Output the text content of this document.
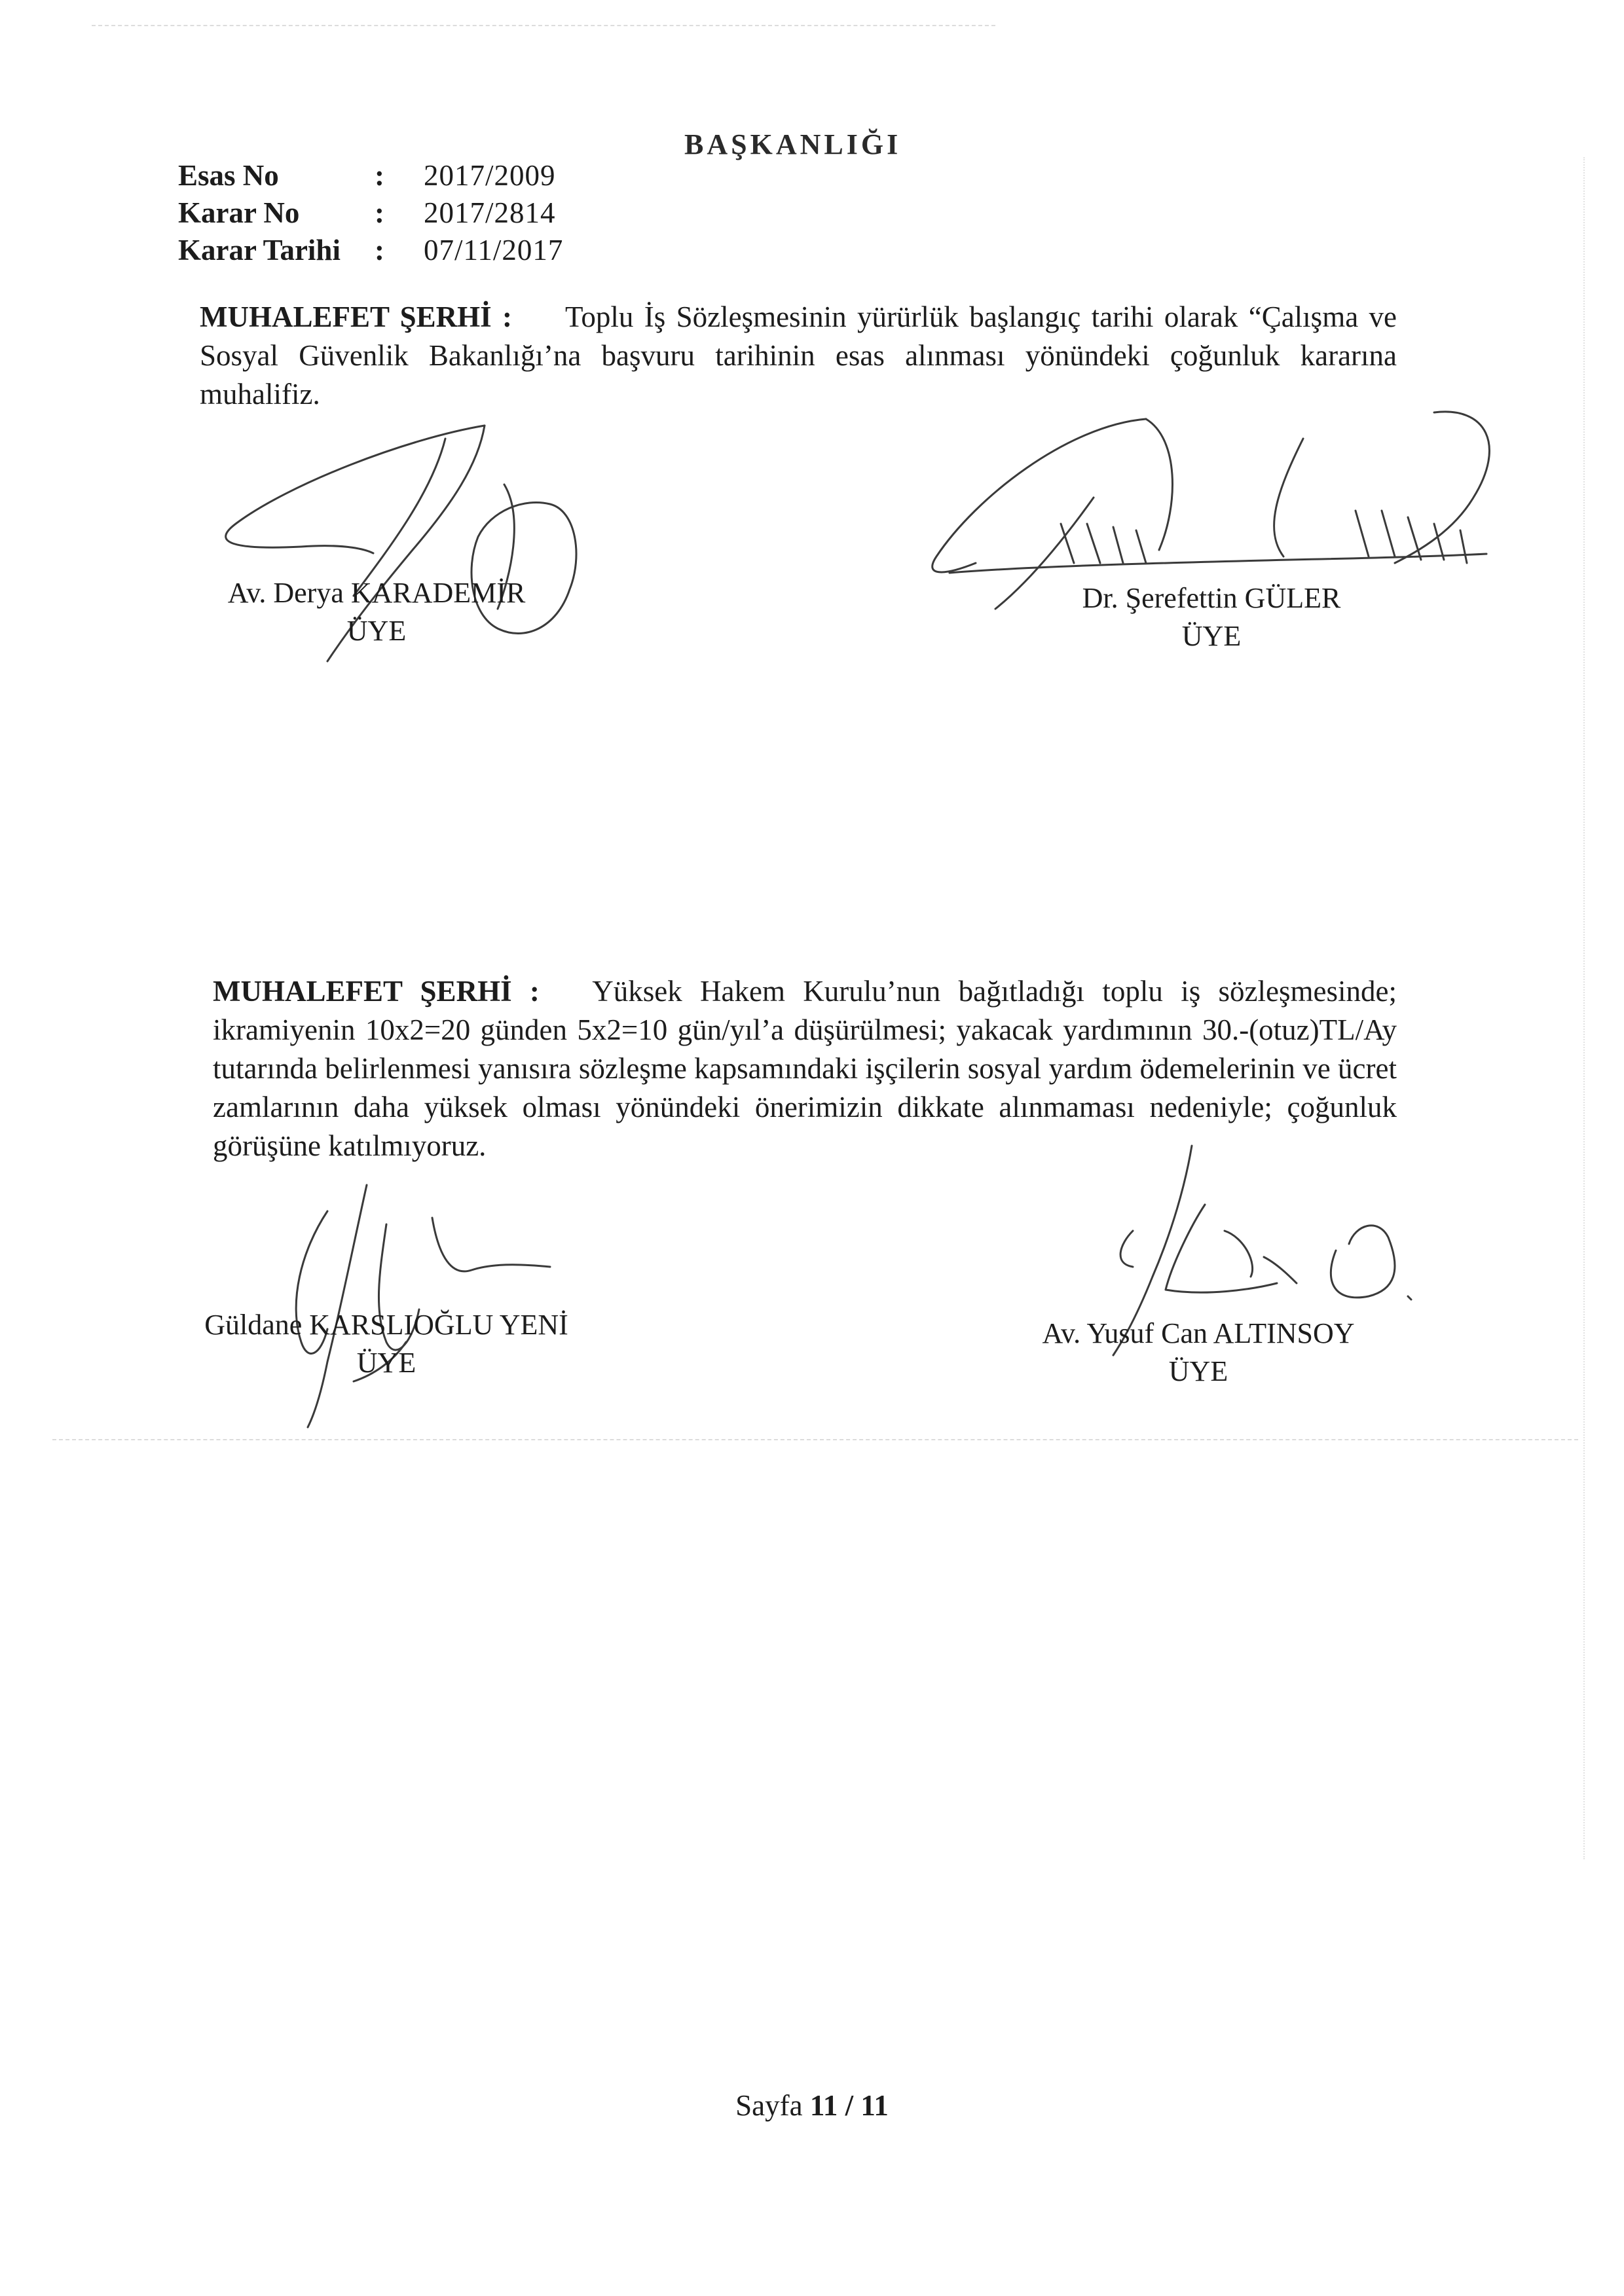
BAŞKANLIĞI
Esas No	:	2017/2009
Karar No	:	2017/2814
Karar Tarihi	:	07/11/2017
MUHALEFET ŞERHİ : Toplu İş Sözleşmesinin yürürlük başlangıç tarihi olarak “Çalışma ve Sosyal Güvenlik Bakanlığı’na başvuru tarihinin esas alınması yönündeki çoğunluk kararına muhalifiz.
Av. Derya KARADEMİR
ÜYE
Dr. Şerefettin GÜLER
ÜYE
MUHALEFET ŞERHİ : Yüksek Hakem Kurulu’nun bağıtladığı toplu iş sözleşmesinde; ikramiyenin 10x2=20 günden 5x2=10 gün/yıl’a düşürülmesi; yakacak yardımının 30.-(otuz)TL/Ay tutarında belirlenmesi yanısıra sözleşme kapsamındaki işçilerin sosyal yardım ödemelerinin ve ücret zamlarının daha yüksek olması yönündeki önerimizin dikkate alınmaması nedeniyle; çoğunluk görüşüne katılmıyoruz.
Güldane KARSLIOĞLU YENİ
ÜYE
Av. Yusuf Can ALTINSOY
ÜYE
Sayfa 11 / 11
